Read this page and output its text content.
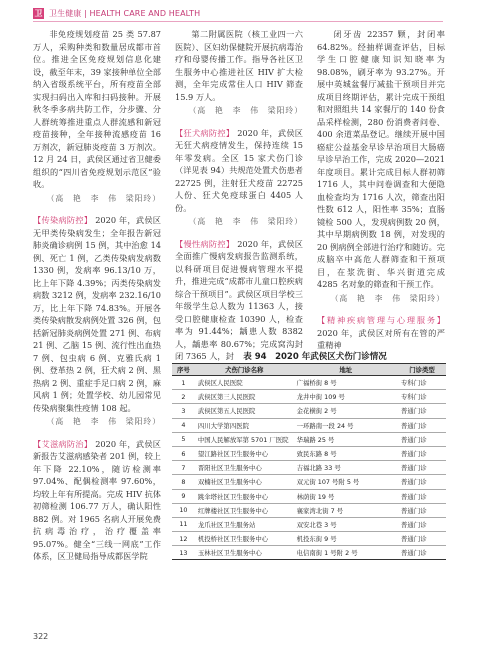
卫 卫生健康 | HEALTH CARE AND HEALTH

非免疫规划疫苗 25 类 57.87 万人，采购种类和数量居成都市首位。推进全区免疫规划信息化建设，截至年末，39 家接种单位全部纳入省级系统平台，所有疫苗全部实现扫码出入库和扫码接种。开展秋冬季多病共防工作，分步骤、分人群统筹推进重点人群流感和新冠疫苗接种，全年接种流感疫苗 16 万剂次，新冠肺炎疫苗 3 万剂次。12 月 24 日，武侯区通过省卫健委组织的“四川省免疫规划示范区”验收。

（高　艳　李　伟　梁阳玲）

【传染病防控】 2020 年，武侯区无甲类传染病发生；全年报告新冠肺炎确诊病例 15 例，其中治愈 14 例、死亡 1 例，乙类传染病发病数 1330 例，发病率 96.13/10 万，比上年下降 4.39%；丙类传染病发病数 3212 例，发病率 232.16/10 万，比上年下降 74.83%。开展各类传染病散发病例处置 326 例，包括新冠肺炎病例处置 271 例、布病 21 例、乙脑 15 例、流行性出血热 7 例、包虫病 6 例、克雅氏病 1 例、登革热 2 例，狂犬病 2 例、黑热病 2 例、重症手足口病 2 例，麻风病 1 例；处置学校、幼儿园常见传染病聚集性疫情 108 起。

（高　艳　李　伟　梁阳玲）

【艾滋病防治】 2020 年，武侯区新报告艾滋病感染者 201 例，较上年下降 22.10%，随访检测率 97.04%、配偶检测率 97.60%，均较上年有所提高。完成 HIV 抗体初筛检测 106.77 万人，确认阳性 882 例。对 1965 名病人开展免费抗病毒治疗，治疗覆盖率 95.07%。健全“三线一网底”工作体系，区卫健局指导成都医学院

第二附属医院（核工业四一六医院）、区妇幼保健院开展抗病毒治疗和母婴传播工作。指导各社区卫生服务中心推进社区 HIV 扩大检测，全年完成常住人口 HIV 筛查 15.9 万人。

（高　艳　李　伟　梁阳玲）

【狂犬病防控】 2020 年，武侯区无狂犬病疫情发生，保持连续 15 年零发病。全区 15 家犬伤门诊（详见表 94）共规范处置犬伤患者 22725 例，注射狂犬疫苗 22725 人份、狂犬免疫球蛋白 4405 人份。

（高　艳　李　伟　梁阳玲）

【慢性病防控】 2020 年，武侯区全面推广慢病发病报告监测系统，以科研项目促进慢病管理水平提升，推进完成“成都市儿童口腔疾病综合干预项目”。武侯区项目学校三年级学生总人数为 11363 人，接受口腔健康检查 10390 人，检查率为 91.44%；龋患人数 8382 人，龋患率 80.67%；完成窝沟封闭 7365 人，封

闭牙齿 22357 颗，封闭率 64.82%。经抽样调查评估，目标学生口腔健康知识知晓率为 98.08%，刷牙率为 93.27%。开展中英城盆餐厅减盐干预项目并完成项目终期评估，累计完成干预组和对照组共 14 家餐厅的 140 份食品采样检测，280 份消费者问卷、400 余道菜品登记。继续开展中国癌症公益基金早诊早治项目大肠癌早诊早治工作，完成 2020—2021 年度项目。累计完成目标人群初筛 1716 人，其中问卷调查和大便隐血检查均为 1716 人次，筛查出阳性数 612 人，阳性率 35%；直肠镜检 500 人，发现病例数 20 例，其中早期病例数 18 例，对发现的 20 例病例全部进行治疗和随访。完成脑卒中高危人群筛查和干预项目，在浆洗街、华兴街道完成 4285 名对象的筛查和干预工作。

（高　艳　李　伟　梁阳玲）

【精神疾病管理与心理服务】 2020 年，武侯区对所有在管的严重精神

表 94　2020 年武侯区犬伤门诊情况
序号	犬伤门诊名称	地址	门诊类型
1	武侯区人民医院	广福桥街 8 号	专科门诊
2	武侯区第三人民医院	龙井中街 109 号	专科门诊
3	武侯区第五人民医院	金花横街 2 号	普通门诊
4	四川大学第四医院	一环路南一段 24 号	普通门诊
5	中国人民解放军第 5701 厂医院	华瑞路 25 号	普通门诊
6	望江路社区卫生服务中心	致民东路 8 号	普通门诊
7	晋阳社区卫生服务中心	吉福北路 33 号	普通门诊
8	双楠社区卫生服务中心	双元街 107 号附 5 号	普通门诊
9	跳伞塔社区卫生服务中心	林荫街 19 号	普通门诊
10	红牌楼社区卫生服务中心	襄家湾北街 7 号	普通门诊
11	龙爪社区卫生服务站	双安北巷 3 号	普通门诊
12	机投桥社区卫生服务中心	机投东街 9 号	普通门诊
13	玉林社区卫生服务中心	电信南街 1 号附 2 号	普通门诊
322
